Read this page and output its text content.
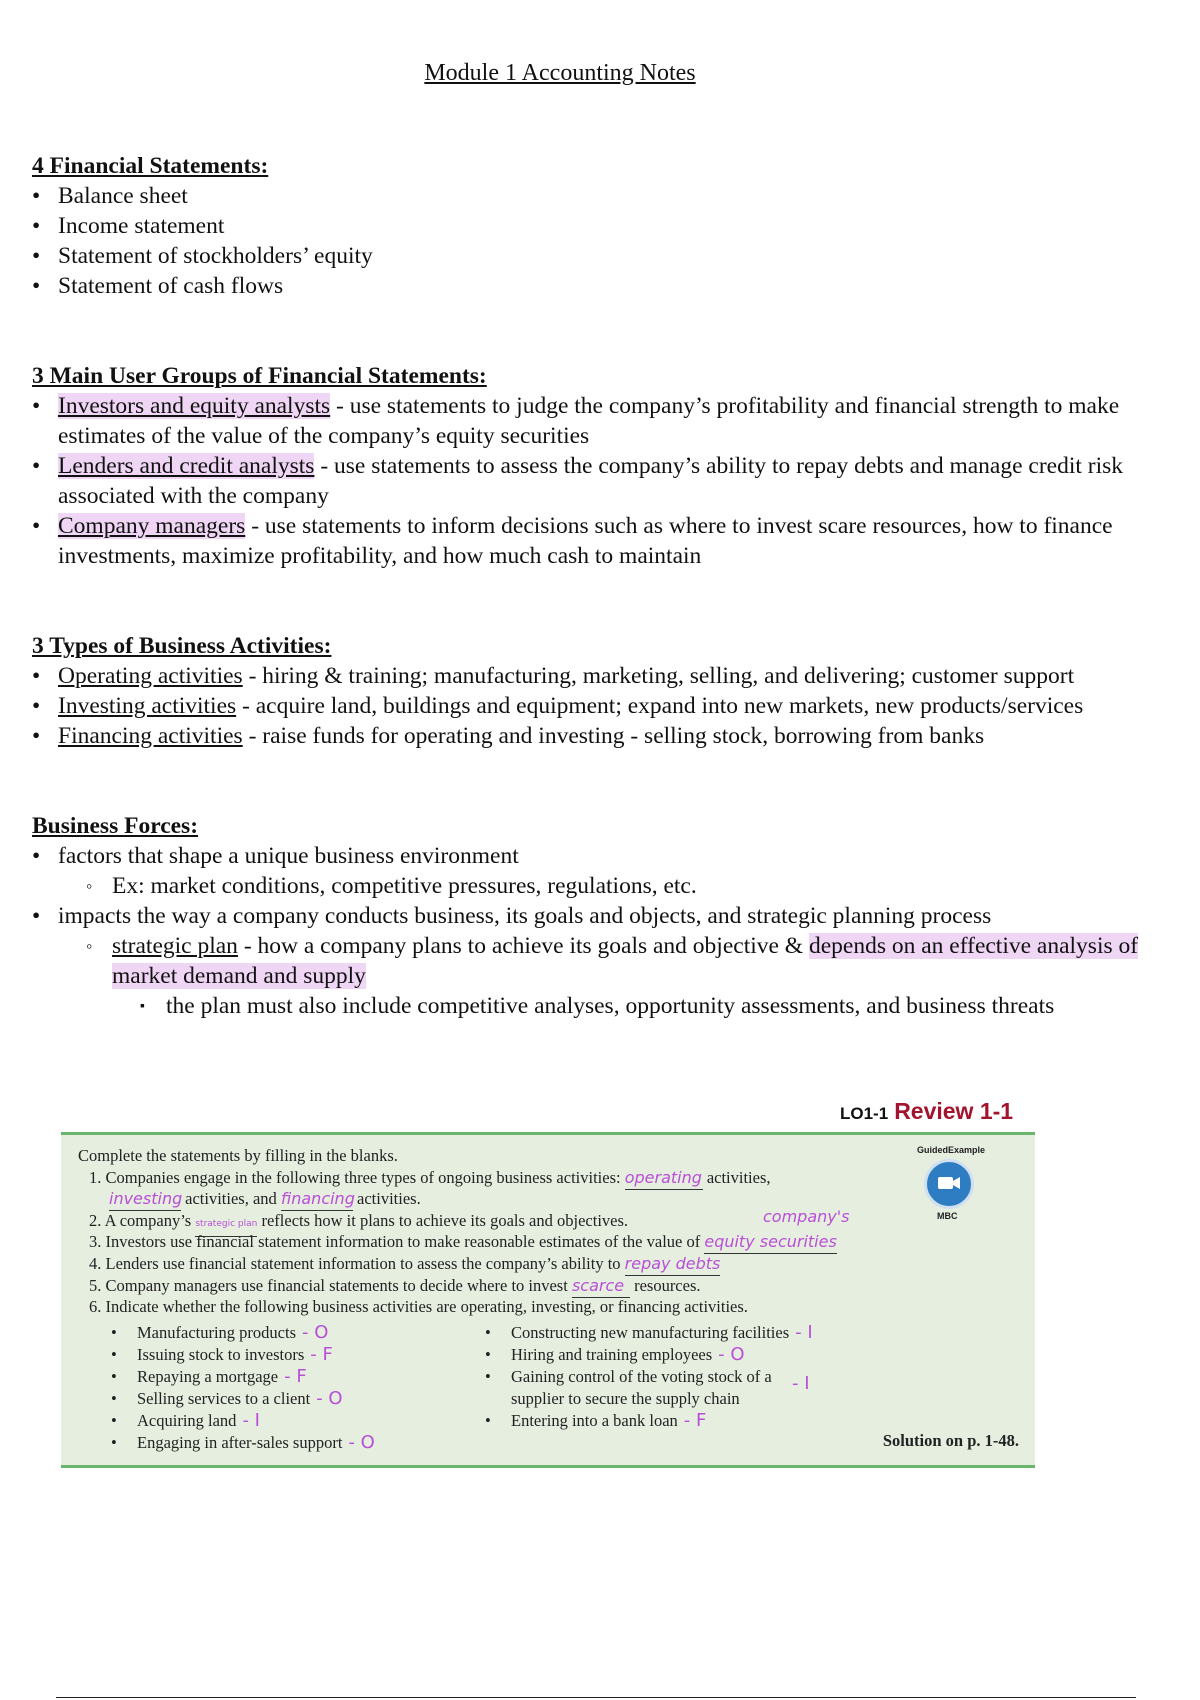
Module 1 Accounting Notes
4 Financial Statements:
• Balance sheet
• Income statement
• Statement of stockholders’ equity
• Statement of cash flows
3 Main User Groups of Financial Statements:
• Investors and equity analysts - use statements to judge the company’s profitability and financial strength to make estimates of the value of the company’s equity securities
• Lenders and credit analysts - use statements to assess the company’s ability to repay debts and manage credit risk associated with the company
• Company managers - use statements to inform decisions such as where to invest scare resources, how to finance investments, maximize profitability, and how much cash to maintain
3 Types of Business Activities:
• Operating activities - hiring & training; manufacturing, marketing, selling, and delivering; customer support
• Investing activities - acquire land, buildings and equipment; expand into new markets, new products/services
• Financing activities - raise funds for operating and investing - selling stock, borrowing from banks
Business Forces:
• factors that shape a unique business environment
◦ Ex: market conditions, competitive pressures, regulations, etc.
• impacts the way a company conducts business, its goals and objects, and strategic planning process
◦ strategic plan - how a company plans to achieve its goals and objective & depends on an effective analysis of market demand and supply
▪ the plan must also include competitive analyses, opportunity assessments, and business threats
LO1-1 Review 1-1
Complete the statements by filling in the blanks.
1. Companies engage in the following three types of ongoing business activities: operating activities,
investing activities, and financing activities.
2. A company’s strategic plan reflects how it plans to achieve its goals and objectives.	company's
3. Investors use financial statement information to make reasonable estimates of the value of equity securities
4. Lenders use financial statement information to assess the company’s ability to repay debts
5. Company managers use financial statements to decide where to invest scarce resources.
6. Indicate whether the following business activities are operating, investing, or financing activities.
• Manufacturing products - O
• Issuing stock to investors - F
• Repaying a mortgage - F
• Selling services to a client - O
• Acquiring land - I
• Engaging in after-sales support - O
• Constructing new manufacturing facilities - I
• Hiring and training employees - O
• Gaining control of the voting stock of a
supplier to secure the supply chain
• Entering into a bank loan - F
- I
Solution on p. 1-48.
GuidedExample
MBC
